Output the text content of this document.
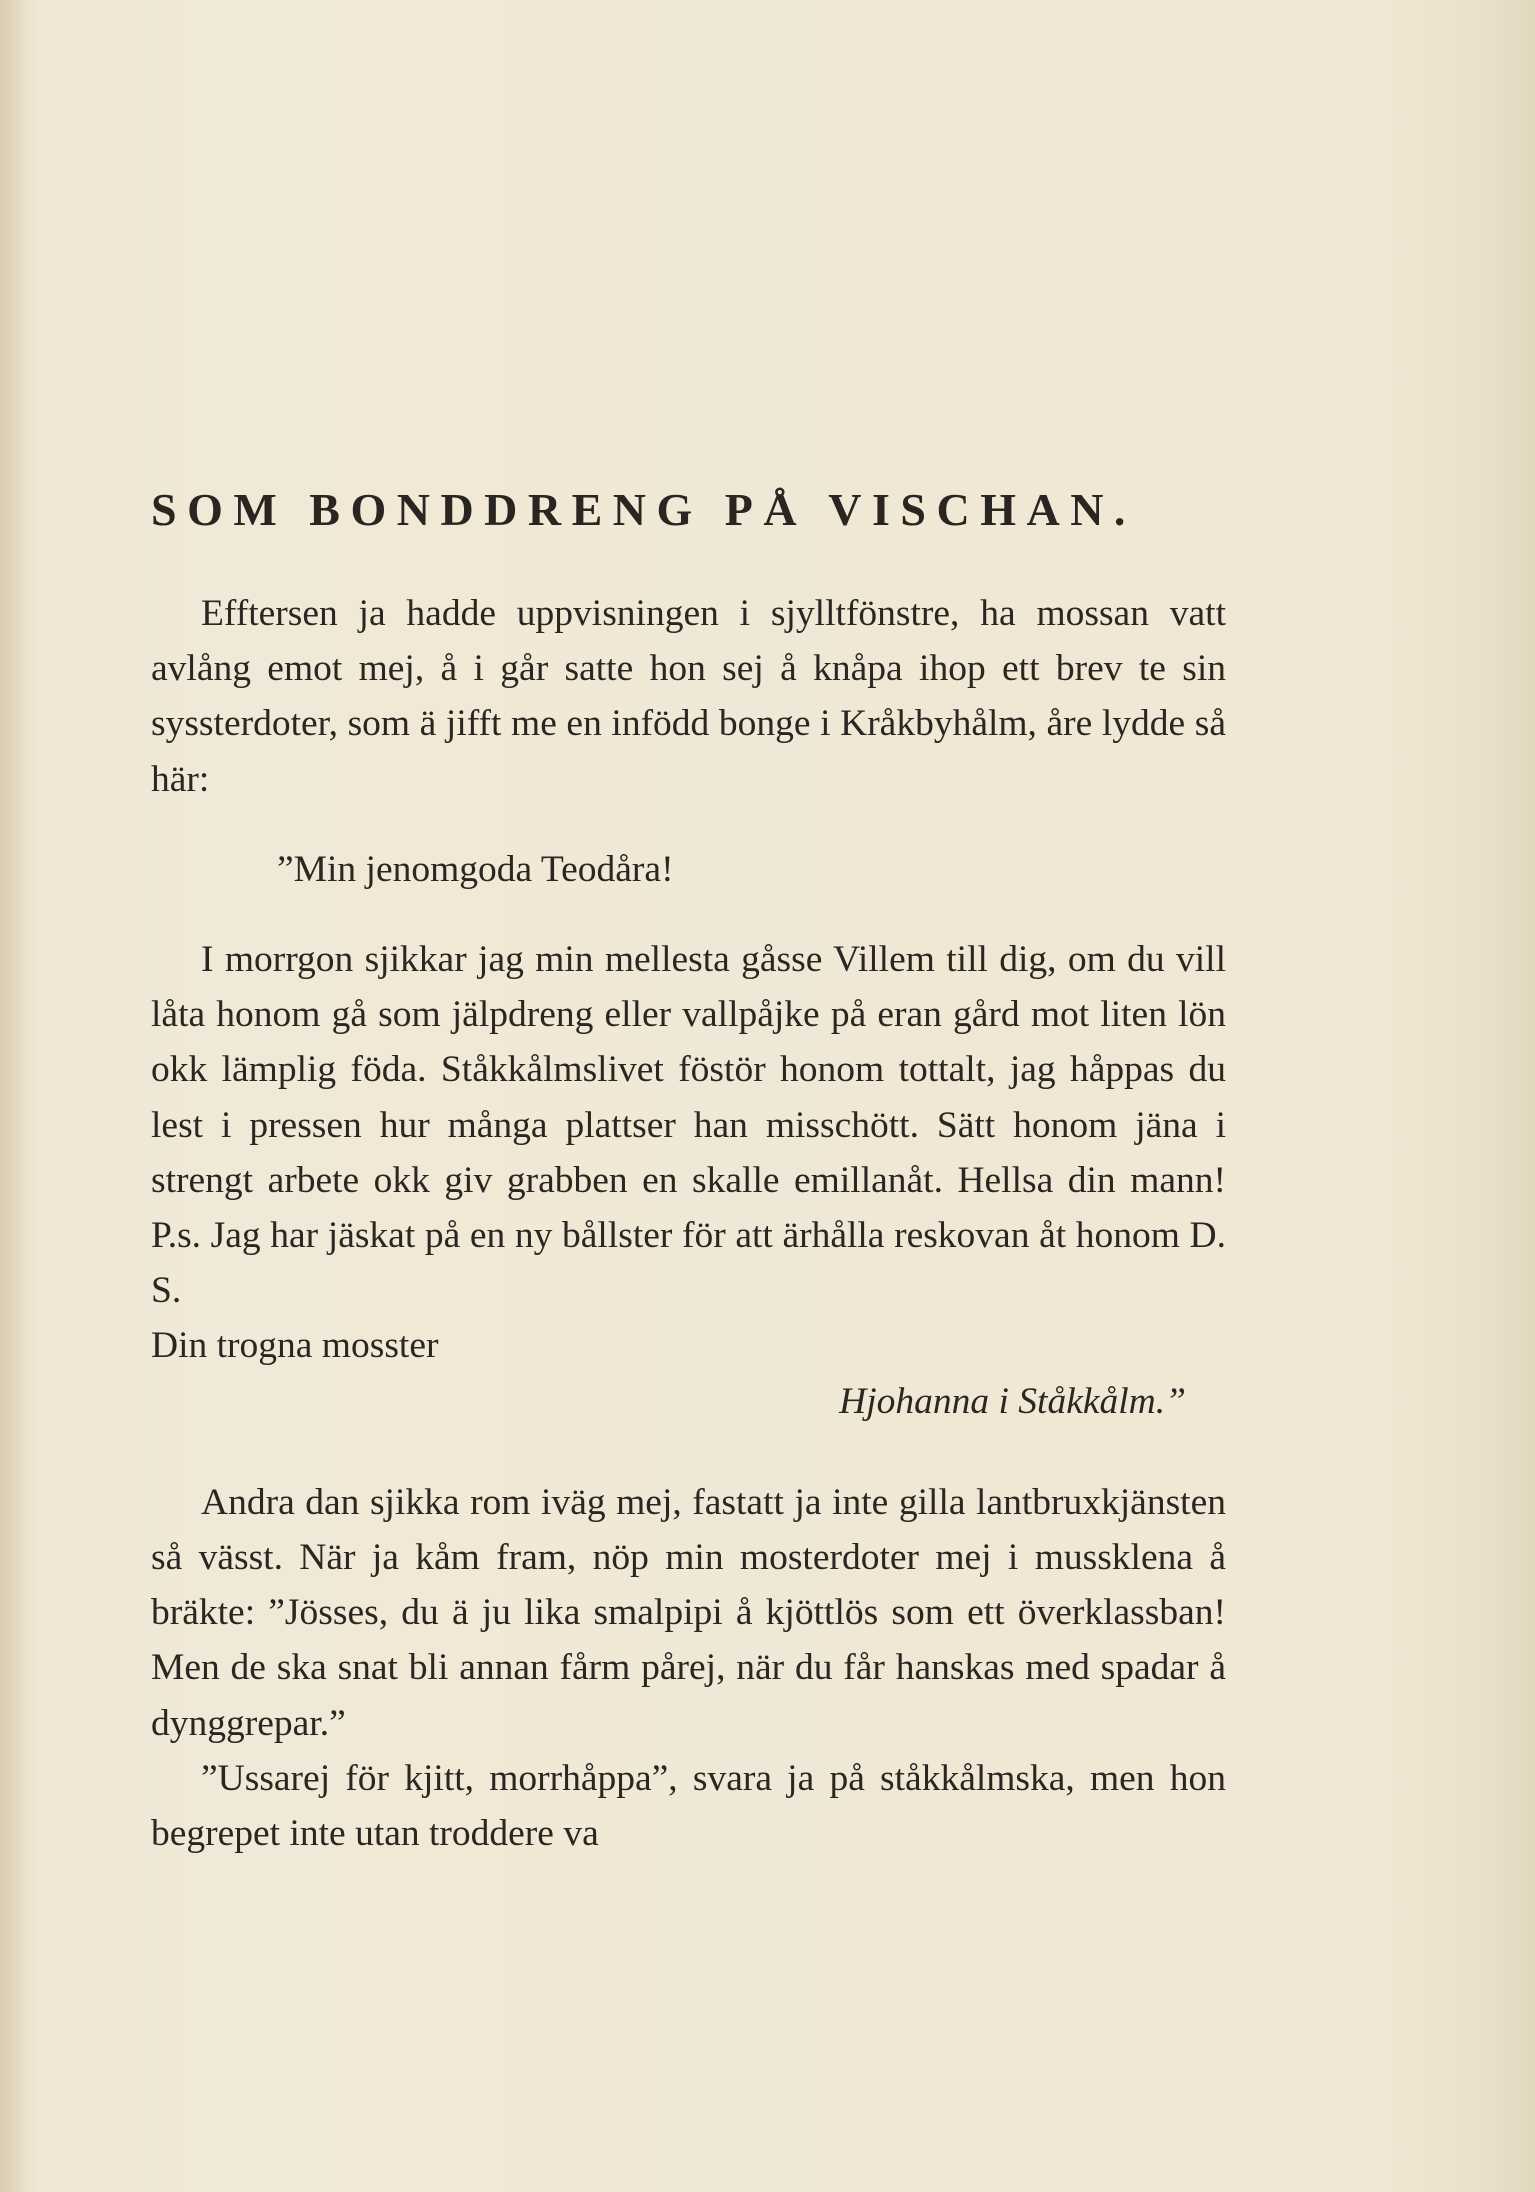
SOM BONDDRENG PÅ VISCHAN.

Efftersen ja hadde uppvisningen i sjylltfönstre, ha mossan vatt avlång emot mej, å i går satte hon sej å knåpa ihop ett brev te sin syssterdoter, som ä jifft me en infödd bonge i Kråkbyhålm, åre lydde så här:

”Min jenomgoda Teodåra!

I morrgon sjikkar jag min mellesta gåsse Villem till dig, om du vill låta honom gå som jälpdreng eller vallpåjke på eran gård mot liten lön okk lämplig föda. Ståkkålmslivet föstör honom tottalt, jag håppas du lest i pressen hur många plattser han misschött. Sätt honom jäna i strengt arbete okk giv grabben en skalle emillanåt. Hellsa din mann! P.s. Jag har jäskat på en ny bållster för att ärhålla reskovan åt honom D. S.

Din trogna mosster

Hjohanna i Ståkkålm.”

Andra dan sjikka rom iväg mej, fastatt ja inte gilla lantbruxkjänsten så vässt. När ja kåm fram, nöp min mosterdoter mej i mussklena å bräkte: ”Jösses, du ä ju lika smalpipi å kjöttlös som ett överklassban! Men de ska snat bli annan fårm pårej, när du får hanskas med spadar å dynggrepar.”

”Ussarej för kjitt, morrhåppa”, svara ja på ståkkålmska, men hon begrepet inte utan troddere va
